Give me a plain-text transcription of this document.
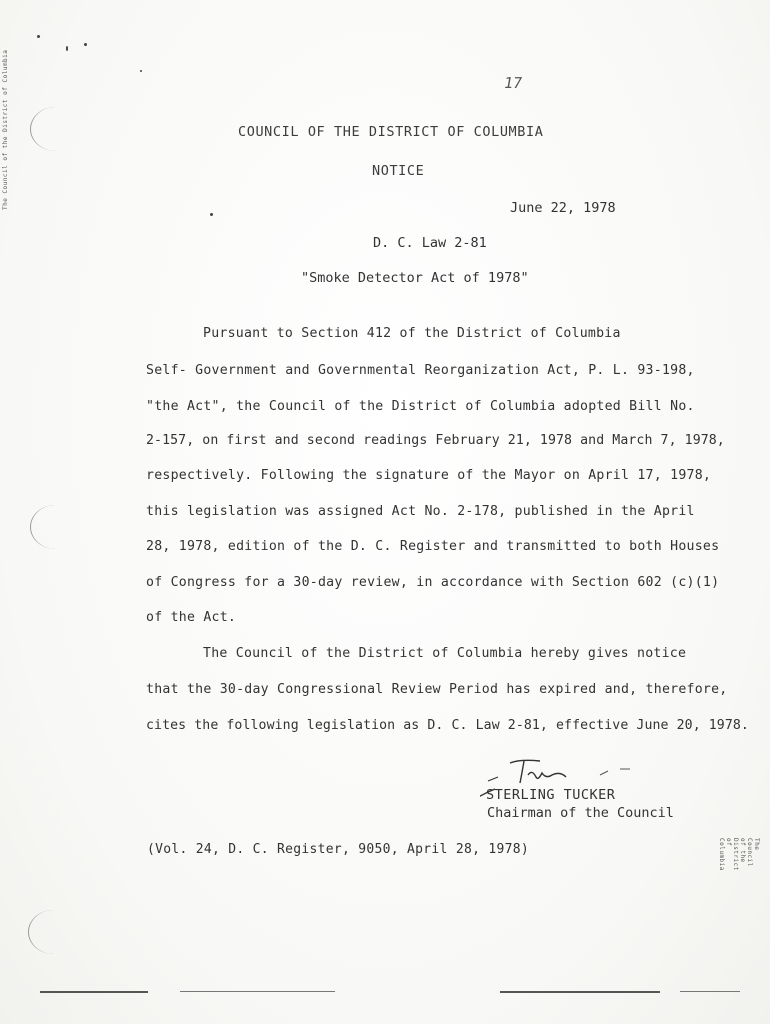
The Council of the District of Columbia
The Council of the District of Columbia
17
COUNCIL OF THE DISTRICT OF COLUMBIA
NOTICE
June 22, 1978
D. C. Law 2-81
"Smoke Detector Act of 1978"
Pursuant to Section 412 of the District of Columbia
Self- Government and Governmental Reorganization Act, P. L. 93-198,
"the Act", the Council of the District of Columbia adopted Bill No.
2-157, on first and second readings February 21, 1978 and March 7, 1978,
respectively. Following the signature of the Mayor on April 17, 1978,
this legislation was assigned Act No. 2-178, published in the April
28, 1978, edition of the D. C. Register and transmitted to both Houses
of Congress for a 30-day review, in accordance with Section 602 (c)(1)
of the Act.
The Council of the District of Columbia hereby gives notice
that the 30-day Congressional Review Period has expired and, therefore,
cites the following legislation as D. C. Law 2-81, effective June 20, 1978.
STERLING TUCKER
Chairman of the Council
(Vol. 24, D. C. Register, 9050, April 28, 1978)
